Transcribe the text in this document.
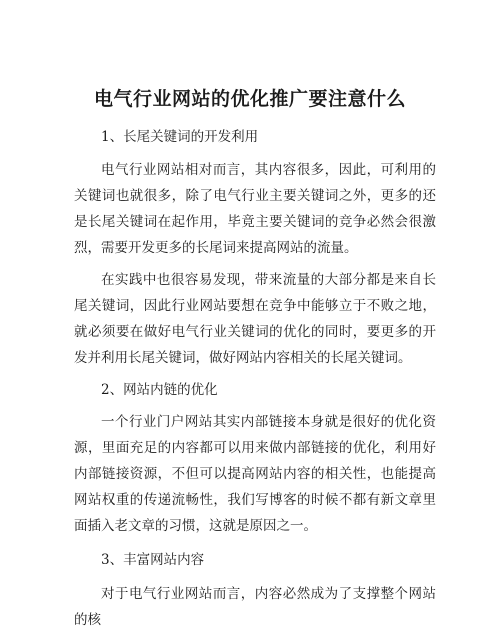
电气行业网站的优化推广要注意什么

1、长尾关键词的开发利用

电气行业网站相对而言，其内容很多，因此，可利用的关键词也就很多，除了电气行业主要关键词之外，更多的还是长尾关键词在起作用，毕竟主要关键词的竞争必然会很激烈，需要开发更多的长尾词来提高网站的流量。

在实践中也很容易发现，带来流量的大部分都是来自长尾关键词，因此行业网站要想在竞争中能够立于不败之地，就必须要在做好电气行业关键词的优化的同时，要更多的开发并利用长尾关键词，做好网站内容相关的长尾关键词。

2、网站内链的优化

一个行业门户网站其实内部链接本身就是很好的优化资源，里面充足的内容都可以用来做内部链接的优化，利用好内部链接资源，不但可以提高网站内容的相关性，也能提高网站权重的传递流畅性，我们写博客的时候不都有新文章里面插入老文章的习惯，这就是原因之一。

3、丰富网站内容

对于电气行业网站而言，内容必然成为了支撑整个网站的核
